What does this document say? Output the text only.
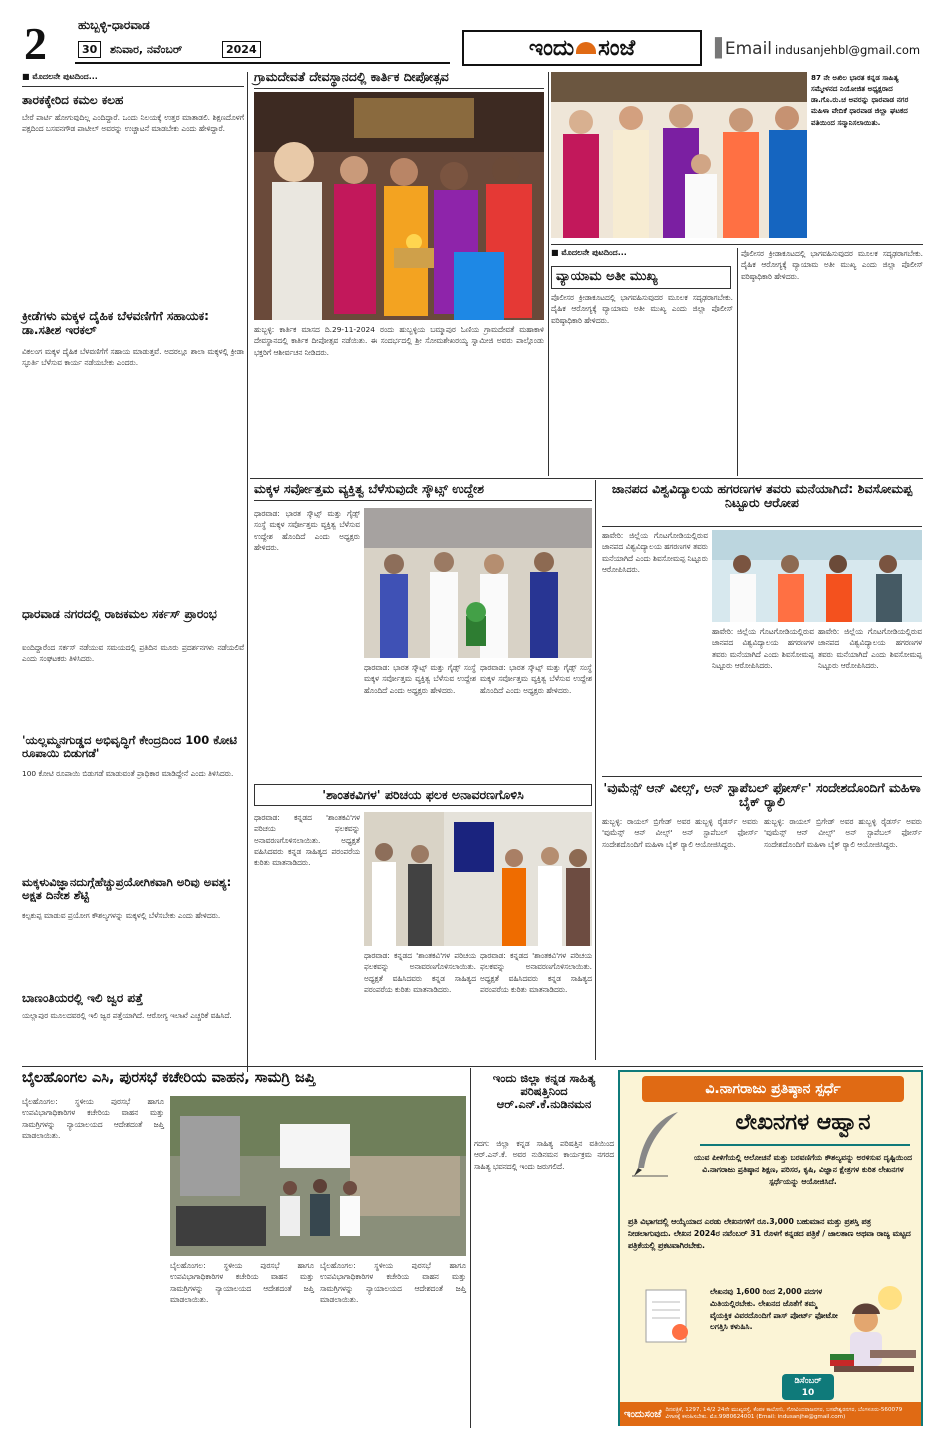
2	ಹುಬ್ಬಳ್ಳಿ-ಧಾರವಾಡ
30	ಶನಿವಾರ, ನವೆಂಬರ್	2024	ಇಂದು ಸಂಜೆ	▐ Email indusanjehbl@gmail.com
■ ಮೊದಲನೇ ಪುಟದಿಂದ...
ತಾರಕಕ್ಕೇರಿದ ಕಮಲ ಕಲಹ
ಬೇರೆ ಪಾರ್ಟಿ ಹೋಗುವುದಿಲ್ಲ ಎಂದಿದ್ದಾರೆ. ಒಂದು ನಿಲಯಕ್ಕೆ ಉತ್ತರ ಮಾತಾಡಲಿ. ಶಿಕ್ಷಣದೊಳಗೆ ಪಕ್ಷದಿಂದ ಬಸವನಗೌಡ ಪಾಟೀಲ್ ಅವರನ್ನು ಉಚ್ಚಾಟನೆ ಮಾಡಬೇಕು ಎಂದು ಹೇಳಿದ್ದಾರೆ.
ಕ್ರೀಡೆಗಳು ಮಕ್ಕಳ ದೈಹಿಕ ಬೆಳವಣಿಗೆಗೆ ಸಹಾಯಕ: ಡಾ.ಸತೀಶ ಇರಕಲ್
ವಿಕಲಂಗ ಮಕ್ಕಳ ದೈಹಿಕ ಬೆಳವಣಿಗೆಗೆ ಸಹಾಯ ಮಾಡುತ್ತವೆ. ಅದರಲ್ಲೂ ಶಾಲಾ ಮಕ್ಕಳಲ್ಲಿ ಕ್ರೀಡಾ ಸ್ಫೂರ್ತಿ ಬೆಳೆಸುವ ಕಾರ್ಯ ನಡೆಯಬೇಕು ಎಂದರು.
ಧಾರವಾಡ ನಗರದಲ್ಲಿ ರಾಜಕಮಲ ಸರ್ಕಸ್ ಪ್ರಾರಂಭ
ಐಂದಿದ್ದಾರೆಂದ ಸರ್ಕಸ್ ನಡೆಯುವ ಸಮಯದಲ್ಲಿ ಪ್ರತಿದಿನ ಮೂರು ಪ್ರದರ್ಶನಗಳು ನಡೆಯಲಿವೆ ಎಂದು ಸಂಘಟಕರು ತಿಳಿಸಿದರು.
'ಯಲ್ಲಮ್ಮನಗುಡ್ಡದ ಅಭಿವೃದ್ಧಿಗೆ ಕೇಂದ್ರದಿಂದ 100 ಕೋಟಿ ರೂಪಾಯಿ ಬಿಡುಗಡೆ'
100 ಕೋಟಿ ರೂಪಾಯಿ ಬಿಡುಗಡೆ ಮಾಡುವಂತೆ ಪ್ರಾಧಿಕಾರ ಮಾಡಿದ್ದೇನೆ ಎಂದು ತಿಳಿಸಿದರು.
ಮಕ್ಕಳುವಿಜ್ಞಾನದುಗ್ಗೆಹೆಚ್ಚುಪ್ರಯೋಗಿಕವಾಗಿ ಅರಿವು ಅವಶ್ಯ: ಅಕ್ಷತ ದಿನೇಶ ಶೆಟ್ಟಿ
ಕಲ್ಪಕುಪ್ಪ ಮಾಡುವ ಪ್ರಯೋಗ ಕೌಶಲ್ಯಗಳನ್ನು ಮಕ್ಕಳಲ್ಲಿ ಬೆಳೆಸಬೇಕು ಎಂದು ಹೇಳಿದರು.
ಬಾಣಂತಿಯರಲ್ಲಿ ಇಲಿ ಜ್ವರ ಪತ್ತೆ
ಯಲ್ಲಾಪುರ ಮೂಲದವರಲ್ಲಿ ಇಲಿ ಜ್ವರ ಪತ್ತೆಯಾಗಿದೆ. ಆರೋಗ್ಯ ಇಲಾಖೆ ಎಚ್ಚರಿಕೆ ವಹಿಸಿದೆ.
ಗ್ರಾಮದೇವತೆ ದೇವಸ್ಥಾನದಲ್ಲಿ ಕಾರ್ತಿಕ ದೀಪೋತ್ಸವ
ಹುಬ್ಬಳ್ಳಿ: ಕಾರ್ತಿಕ ಮಾಸದ ದಿ.29-11-2024 ರಂದು ಹುಬ್ಬಳ್ಳಿಯ ಬಮ್ಮಾಪುರ ಓಣಿಯ ಗ್ರಾಮದೇವತೆ ಮಹಾಕಾಳಿ ದೇವಸ್ಥಾನದಲ್ಲಿ ಕಾರ್ತಿಕ ದೀಪೋತ್ಸವ ನಡೆಯಿತು. ಈ ಸಂದರ್ಭದಲ್ಲಿ ಶ್ರೀ ಸೋಮಶೇಖರಯ್ಯ ಸ್ವಾಮೀಜಿ ಅವರು ಪಾಲ್ಗೊಂಡು ಭಕ್ತರಿಗೆ ಆಶೀರ್ವಚನ ನೀಡಿದರು.
87 ನೇ ಅಖಿಲ ಭಾರತ ಕನ್ನಡ ಸಾಹಿತ್ಯ ಸಮ್ಮೇಳನದ ನಿಯೋಜಿತ ಅಧ್ಯಕ್ಷರಾದ ಡಾ.ಗೊ.ರು.ಚ ಅವರನ್ನು ಧಾರವಾಡ ನಗರ ಮಹಿಳಾ ವೇದಿಕೆ ಧಾರವಾಡ ಜಿಲ್ಲಾ ಘಟಕದ ವತಿಯಿಂದ ಸನ್ಮಾನಿಸಲಾಯಿತು.
■ ಮೊದಲನೇ ಪುಟದಿಂದ...
ವ್ಯಾಯಾಮ ಅತೀ ಮುಖ್ಯ
ಪೊಲೀಸರ ಕ್ರೀಡಾಕೂಟದಲ್ಲಿ ಭಾಗವಹಿಸುವುದರ ಮೂಲಕ ಸದೃಢರಾಗಬೇಕು. ದೈಹಿಕ ಆರೋಗ್ಯಕ್ಕೆ ವ್ಯಾಯಾಮ ಅತೀ ಮುಖ್ಯ ಎಂದು ಜಿಲ್ಲಾ ಪೊಲೀಸ್ ವರಿಷ್ಠಾಧಿಕಾರಿ ಹೇಳಿದರು.
ಪೊಲೀಸರ ಕ್ರೀಡಾಕೂಟದಲ್ಲಿ ಭಾಗವಹಿಸುವುದರ ಮೂಲಕ ಸದೃಢರಾಗಬೇಕು. ದೈಹಿಕ ಆರೋಗ್ಯಕ್ಕೆ ವ್ಯಾಯಾಮ ಅತೀ ಮುಖ್ಯ ಎಂದು ಜಿಲ್ಲಾ ಪೊಲೀಸ್ ವರಿಷ್ಠಾಧಿಕಾರಿ ಹೇಳಿದರು.
ಮಕ್ಕಳ ಸರ್ವೋತ್ತಮ ವ್ಯಕ್ತಿತ್ವ ಬೆಳೆಸುವುದೇ ಸ್ಕೌಟ್ಸ್ ಉದ್ದೇಶ
ಧಾರವಾಡ: ಭಾರತ ಸ್ಕೌಟ್ಸ್ ಮತ್ತು ಗೈಡ್ಸ್ ಸಂಸ್ಥೆ ಮಕ್ಕಳ ಸರ್ವೋತ್ತಮ ವ್ಯಕ್ತಿತ್ವ ಬೆಳೆಸುವ ಉದ್ದೇಶ ಹೊಂದಿದೆ ಎಂದು ಅಧ್ಯಕ್ಷರು ಹೇಳಿದರು.
ಧಾರವಾಡ: ಭಾರತ ಸ್ಕೌಟ್ಸ್ ಮತ್ತು ಗೈಡ್ಸ್ ಸಂಸ್ಥೆ ಮಕ್ಕಳ ಸರ್ವೋತ್ತಮ ವ್ಯಕ್ತಿತ್ವ ಬೆಳೆಸುವ ಉದ್ದೇಶ ಹೊಂದಿದೆ ಎಂದು ಅಧ್ಯಕ್ಷರು ಹೇಳಿದರು.
ಧಾರವಾಡ: ಭಾರತ ಸ್ಕೌಟ್ಸ್ ಮತ್ತು ಗೈಡ್ಸ್ ಸಂಸ್ಥೆ ಮಕ್ಕಳ ಸರ್ವೋತ್ತಮ ವ್ಯಕ್ತಿತ್ವ ಬೆಳೆಸುವ ಉದ್ದೇಶ ಹೊಂದಿದೆ ಎಂದು ಅಧ್ಯಕ್ಷರು ಹೇಳಿದರು.
'ಶಾಂತಕವಿಗಳ' ಪರಿಚಯ ಫಲಕ ಅನಾವರಣಗೊಳಿಸಿ
ಧಾರವಾಡ: ಕನ್ನಡದ 'ಶಾಂತಕವಿ'ಗಳ ಪರಿಚಯ ಫಲಕವನ್ನು ಅನಾವರಣಗೊಳಿಸಲಾಯಿತು. ಅಧ್ಯಕ್ಷತೆ ವಹಿಸಿದವರು ಕನ್ನಡ ಸಾಹಿತ್ಯದ ಪರಂಪರೆಯ ಕುರಿತು ಮಾತನಾಡಿದರು.
ಧಾರವಾಡ: ಕನ್ನಡದ 'ಶಾಂತಕವಿ'ಗಳ ಪರಿಚಯ ಫಲಕವನ್ನು ಅನಾವರಣಗೊಳಿಸಲಾಯಿತು. ಅಧ್ಯಕ್ಷತೆ ವಹಿಸಿದವರು ಕನ್ನಡ ಸಾಹಿತ್ಯದ ಪರಂಪರೆಯ ಕುರಿತು ಮಾತನಾಡಿದರು.
ಧಾರವಾಡ: ಕನ್ನಡದ 'ಶಾಂತಕವಿ'ಗಳ ಪರಿಚಯ ಫಲಕವನ್ನು ಅನಾವರಣಗೊಳಿಸಲಾಯಿತು. ಅಧ್ಯಕ್ಷತೆ ವಹಿಸಿದವರು ಕನ್ನಡ ಸಾಹಿತ್ಯದ ಪರಂಪರೆಯ ಕುರಿತು ಮಾತನಾಡಿದರು.
ಜಾನಪದ ವಿಶ್ವವಿದ್ಯಾಲಯ ಹಗರಣಗಳ ತವರು ಮನೆಯಾಗಿದೆ: ಶಿವಸೋಮಪ್ಪ ನಿಟ್ಟೂರು ಆರೋಪ
ಹಾವೇರಿ: ಜಿಲ್ಲೆಯ ಗೊಟಗೋಡಿಯಲ್ಲಿರುವ ಜಾನಪದ ವಿಶ್ವವಿದ್ಯಾಲಯ ಹಗರಣಗಳ ತವರು ಮನೆಯಾಗಿದೆ ಎಂದು ಶಿವಸೋಮಪ್ಪ ನಿಟ್ಟೂರು ಆರೋಪಿಸಿದರು.
ಹಾವೇರಿ: ಜಿಲ್ಲೆಯ ಗೊಟಗೋಡಿಯಲ್ಲಿರುವ ಜಾನಪದ ವಿಶ್ವವಿದ್ಯಾಲಯ ಹಗರಣಗಳ ತವರು ಮನೆಯಾಗಿದೆ ಎಂದು ಶಿವಸೋಮಪ್ಪ ನಿಟ್ಟೂರು ಆರೋಪಿಸಿದರು.
ಹಾವೇರಿ: ಜಿಲ್ಲೆಯ ಗೊಟಗೋಡಿಯಲ್ಲಿರುವ ಜಾನಪದ ವಿಶ್ವವಿದ್ಯಾಲಯ ಹಗರಣಗಳ ತವರು ಮನೆಯಾಗಿದೆ ಎಂದು ಶಿವಸೋಮಪ್ಪ ನಿಟ್ಟೂರು ಆರೋಪಿಸಿದರು.
'ವುಮೆನ್ಸ್ ಆನ್ ವೀಲ್ಸ್, ಅನ್ ಸ್ಟಾಪೆಬಲ್ ಫೋರ್ಸ್' ಸಂದೇಶದೊಂದಿಗೆ ಮಹಿಳಾ ಬೈಕ್ ರ‍್ಯಾಲಿ
ಹುಬ್ಬಳ್ಳಿ: ರಾಯಲ್ ಬ್ರಿಗೇಡ್ ಅವರ ಹುಬ್ಬಳ್ಳಿ ರೈಡರ್ಸ್ ಅವರು 'ವುಮೆನ್ಸ್ ಆನ್ ವೀಲ್ಸ್' ಅನ್ ಸ್ಟಾಪೆಬಲ್ ಫೋರ್ಸ್ ಸಂದೇಶದೊಂದಿಗೆ ಮಹಿಳಾ ಬೈಕ್ ರ‍್ಯಾಲಿ ಆಯೋಜಿಸಿದ್ದರು.
ಹುಬ್ಬಳ್ಳಿ: ರಾಯಲ್ ಬ್ರಿಗೇಡ್ ಅವರ ಹುಬ್ಬಳ್ಳಿ ರೈಡರ್ಸ್ ಅವರು 'ವುಮೆನ್ಸ್ ಆನ್ ವೀಲ್ಸ್' ಅನ್ ಸ್ಟಾಪೆಬಲ್ ಫೋರ್ಸ್ ಸಂದೇಶದೊಂದಿಗೆ ಮಹಿಳಾ ಬೈಕ್ ರ‍್ಯಾಲಿ ಆಯೋಜಿಸಿದ್ದರು.
ಬೈಲಹೊಂಗಲ ಎಸಿ, ಪುರಸಭೆ ಕಚೇರಿಯ ವಾಹನ, ಸಾಮಗ್ರಿ ಜಪ್ತಿ
ಬೈಲಹೊಂಗಲ: ಸ್ಥಳೀಯ ಪುರಸಭೆ ಹಾಗೂ ಉಪವಿಭಾಗಾಧಿಕಾರಿಗಳ ಕಚೇರಿಯ ವಾಹನ ಮತ್ತು ಸಾಮಗ್ರಿಗಳನ್ನು ನ್ಯಾಯಾಲಯದ ಆದೇಶದಂತೆ ಜಪ್ತಿ ಮಾಡಲಾಯಿತು.
ಬೈಲಹೊಂಗಲ: ಸ್ಥಳೀಯ ಪುರಸಭೆ ಹಾಗೂ ಉಪವಿಭಾಗಾಧಿಕಾರಿಗಳ ಕಚೇರಿಯ ವಾಹನ ಮತ್ತು ಸಾಮಗ್ರಿಗಳನ್ನು ನ್ಯಾಯಾಲಯದ ಆದೇಶದಂತೆ ಜಪ್ತಿ ಮಾಡಲಾಯಿತು.
ಬೈಲಹೊಂಗಲ: ಸ್ಥಳೀಯ ಪುರಸಭೆ ಹಾಗೂ ಉಪವಿಭಾಗಾಧಿಕಾರಿಗಳ ಕಚೇರಿಯ ವಾಹನ ಮತ್ತು ಸಾಮಗ್ರಿಗಳನ್ನು ನ್ಯಾಯಾಲಯದ ಆದೇಶದಂತೆ ಜಪ್ತಿ ಮಾಡಲಾಯಿತು.
ಇಂದು ಜಿಲ್ಲಾ ಕನ್ನಡ ಸಾಹಿತ್ಯ ಪರಿಷತ್ತಿನಿಂದ ಆರ್.ಎನ್.ಕೆ.ನುಡಿನಮನ
ಗದಗ: ಜಿಲ್ಲಾ ಕನ್ನಡ ಸಾಹಿತ್ಯ ಪರಿಷತ್ತಿನ ವತಿಯಿಂದ ಆರ್.ಎನ್.ಕೆ. ಅವರ ನುಡಿನಮನ ಕಾರ್ಯಕ್ರಮ ನಗರದ ಸಾಹಿತ್ಯ ಭವನದಲ್ಲಿ ಇಂದು ಜರುಗಲಿದೆ.
ವಿ.ನಾಗರಾಜು ಪ್ರತಿಷ್ಠಾನ ಸ್ಪರ್ಧೆ
ಲೇಖನಗಳ ಆಹ್ವಾನ
ಯುವ ಪೀಳಿಗೆಯಲ್ಲಿ ಆಲೋಚನೆ ಮತ್ತು ಬರವಣಿಗೆಯ ಕೌಶಲ್ಯವನ್ನು ಅರಳಿಸುವ ದೃಷ್ಟಿಯಿಂದ ವಿ.ನಾಗರಾಜು ಪ್ರತಿಷ್ಠಾನ ಶಿಕ್ಷಣ, ಪರಿಸರ, ಕೃಷಿ, ವಿಜ್ಞಾನ ಕ್ಷೇತ್ರಗಳ ಕುರಿತ ಲೇಖನಗಳ ಸ್ಪರ್ಧೆಯನ್ನು ಆಯೋಜಿಸಿದೆ.
ಪ್ರತಿ ವಿಭಾಗದಲ್ಲಿ ಆಯ್ಕೆಯಾದ ಎರಡು ಲೇಖನಗಳಿಗೆ ರೂ.3,000 ಬಹುಮಾನ ಮತ್ತು ಪ್ರಶಸ್ತಿ ಪತ್ರ ನೀಡಲಾಗುವುದು. ಲೇಖನ 2024ರ ನವೆಂಬರ್ 31 ರೊಳಗೆ ಕನ್ನಡದ ಪತ್ರಿಕೆ / ಜಾಲತಾಣ ಅಥವಾ ರಾಜ್ಯ ಮಟ್ಟದ ಪತ್ರಿಕೆಯಲ್ಲಿ ಪ್ರಕಟವಾಗಿರಬೇಕು.
ಲೇಖನವು 1,600 ರಿಂದ 2,000 ಪದಗಳ ಮಿತಿಯಲ್ಲಿರಬೇಕು. ಲೇಖನದ ಜೊತೆಗೆ ತಮ್ಮ ವೈಯಕ್ತಿಕ ವಿವರದೊಂದಿಗೆ ಪಾಸ್ ಪೋರ್ಟ್ ಫೋಟೋ ಲಗತ್ತಿಸಿ ಕಳುಹಿಸಿ.
ಡಿಸೆಂಬರ್
10
ಇಂದುಸಂಜೆ ದಿನಪತ್ರಿಕೆ, 1297, 14/2 24ನೇ ಮುಖ್ಯರಸ್ತೆ, ಕೆಂಪಕ ಕಾಲೋನಿ, ಗೋವಿಂದರಾಜನಗರ, ಬಸವೇಶ್ವರನಗರ, ಬೆಂಗಳೂರು-560079 ವಿಳಾಸಕ್ಕೆ ಕಳುಹಿಸಬೇಕು. ಮೊ.9980624001 (Email: indusanjhe@gmail.com)
